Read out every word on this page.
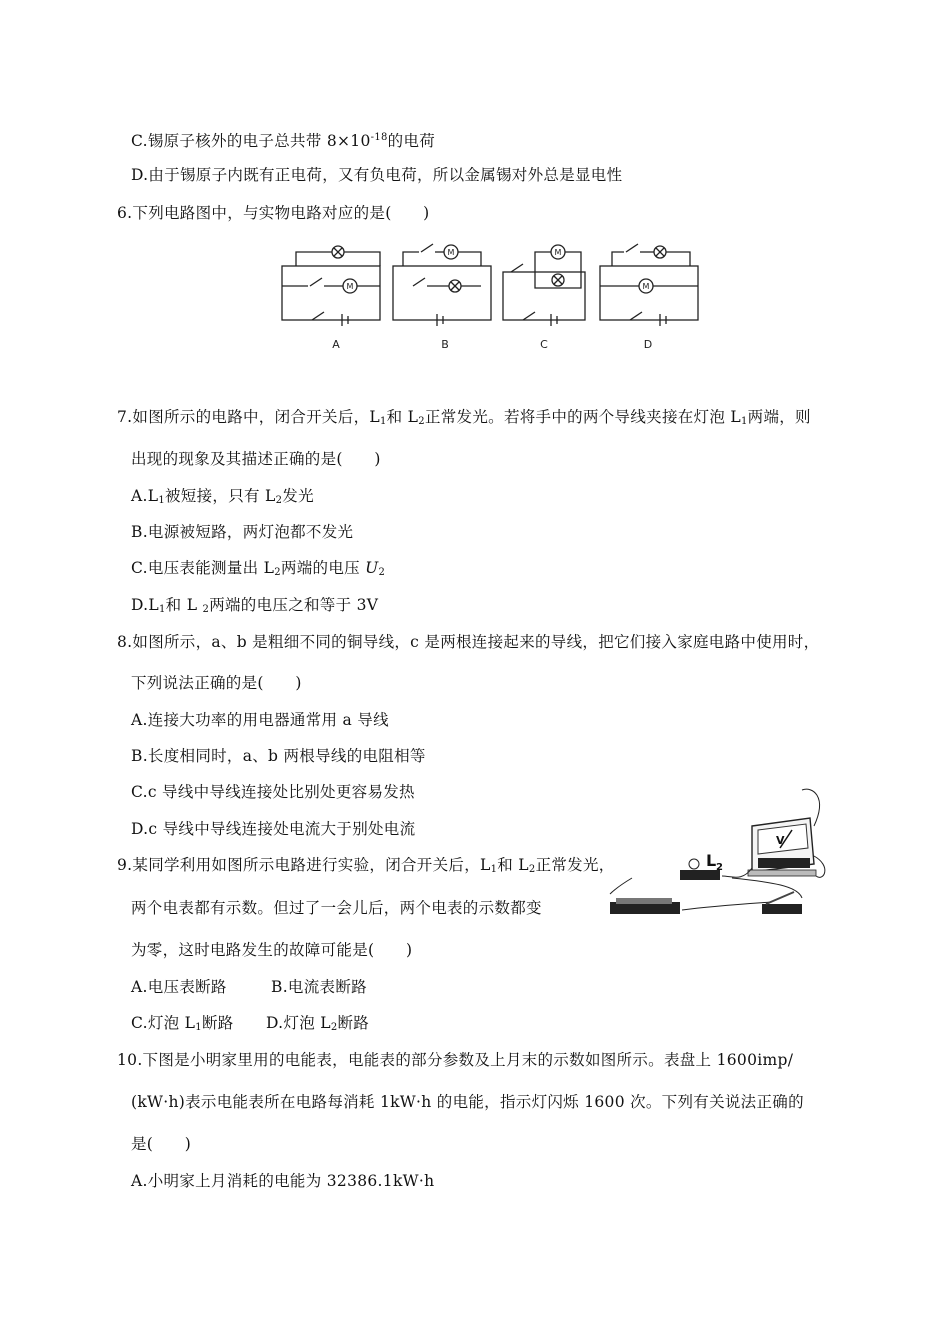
C.锡原子核外的电子总共带 $8\times 10^{-18}$的电荷
D.由于锡原子内既有正电荷，又有负电荷，所以金属锡对外总是显电性
6.下列电路图中，与实物电路对应的是(　　)
M
M	M
M
A	B	C	D
7.如图所示的电路中，闭合开关后，$L_1$和 $L_2$正常发光。若将手中的两个导线夹接在灯泡 $L_1$两端，则
出现的现象及其描述正确的是(　　)
$A.L_1$被短接，只有 $L_2$发光
B.电源被短路，两灯泡都不发光
C.电压表能测量出 $L_2$两端的电压 $U_2$
$D.L_1$和 L $_2$两端的电压之和等于 3V
8.如图所示，a、b 是粗细不同的铜导线，c 是两根连接起来的导线，把它们接入家庭电路中使用时，
下列说法正确的是(　　)
A.连接大功率的用电器通常用 a 导线
B.长度相同时，a、b 两根导线的电阻相等
C.c 导线中导线连接处比别处更容易发热
D.c 导线中导线连接处电流大于别处电流
V
L 2
9.某同学利用如图所示电路进行实验，闭合开关后，$L_1$和 $L_2$正常发光，
两个电表都有示数。但过了一会儿后，两个电表的示数都变
为零，这时电路发生的故障可能是(　　)
A.电压表断路	B.电流表断路
C.灯泡 $L_1$断路 D.灯泡 $L_2$断路
10.下图是小明家里用的电能表，电能表的部分参数及上月末的示数如图所示。表盘上 1600imp/
(kW·h)表示电能表所在电路每消耗 1kW·h 的电能，指示灯闪烁 1600 次。下列有关说法正确的
是(　　)
A.小明家上月消耗的电能为 32386.1kW·h
